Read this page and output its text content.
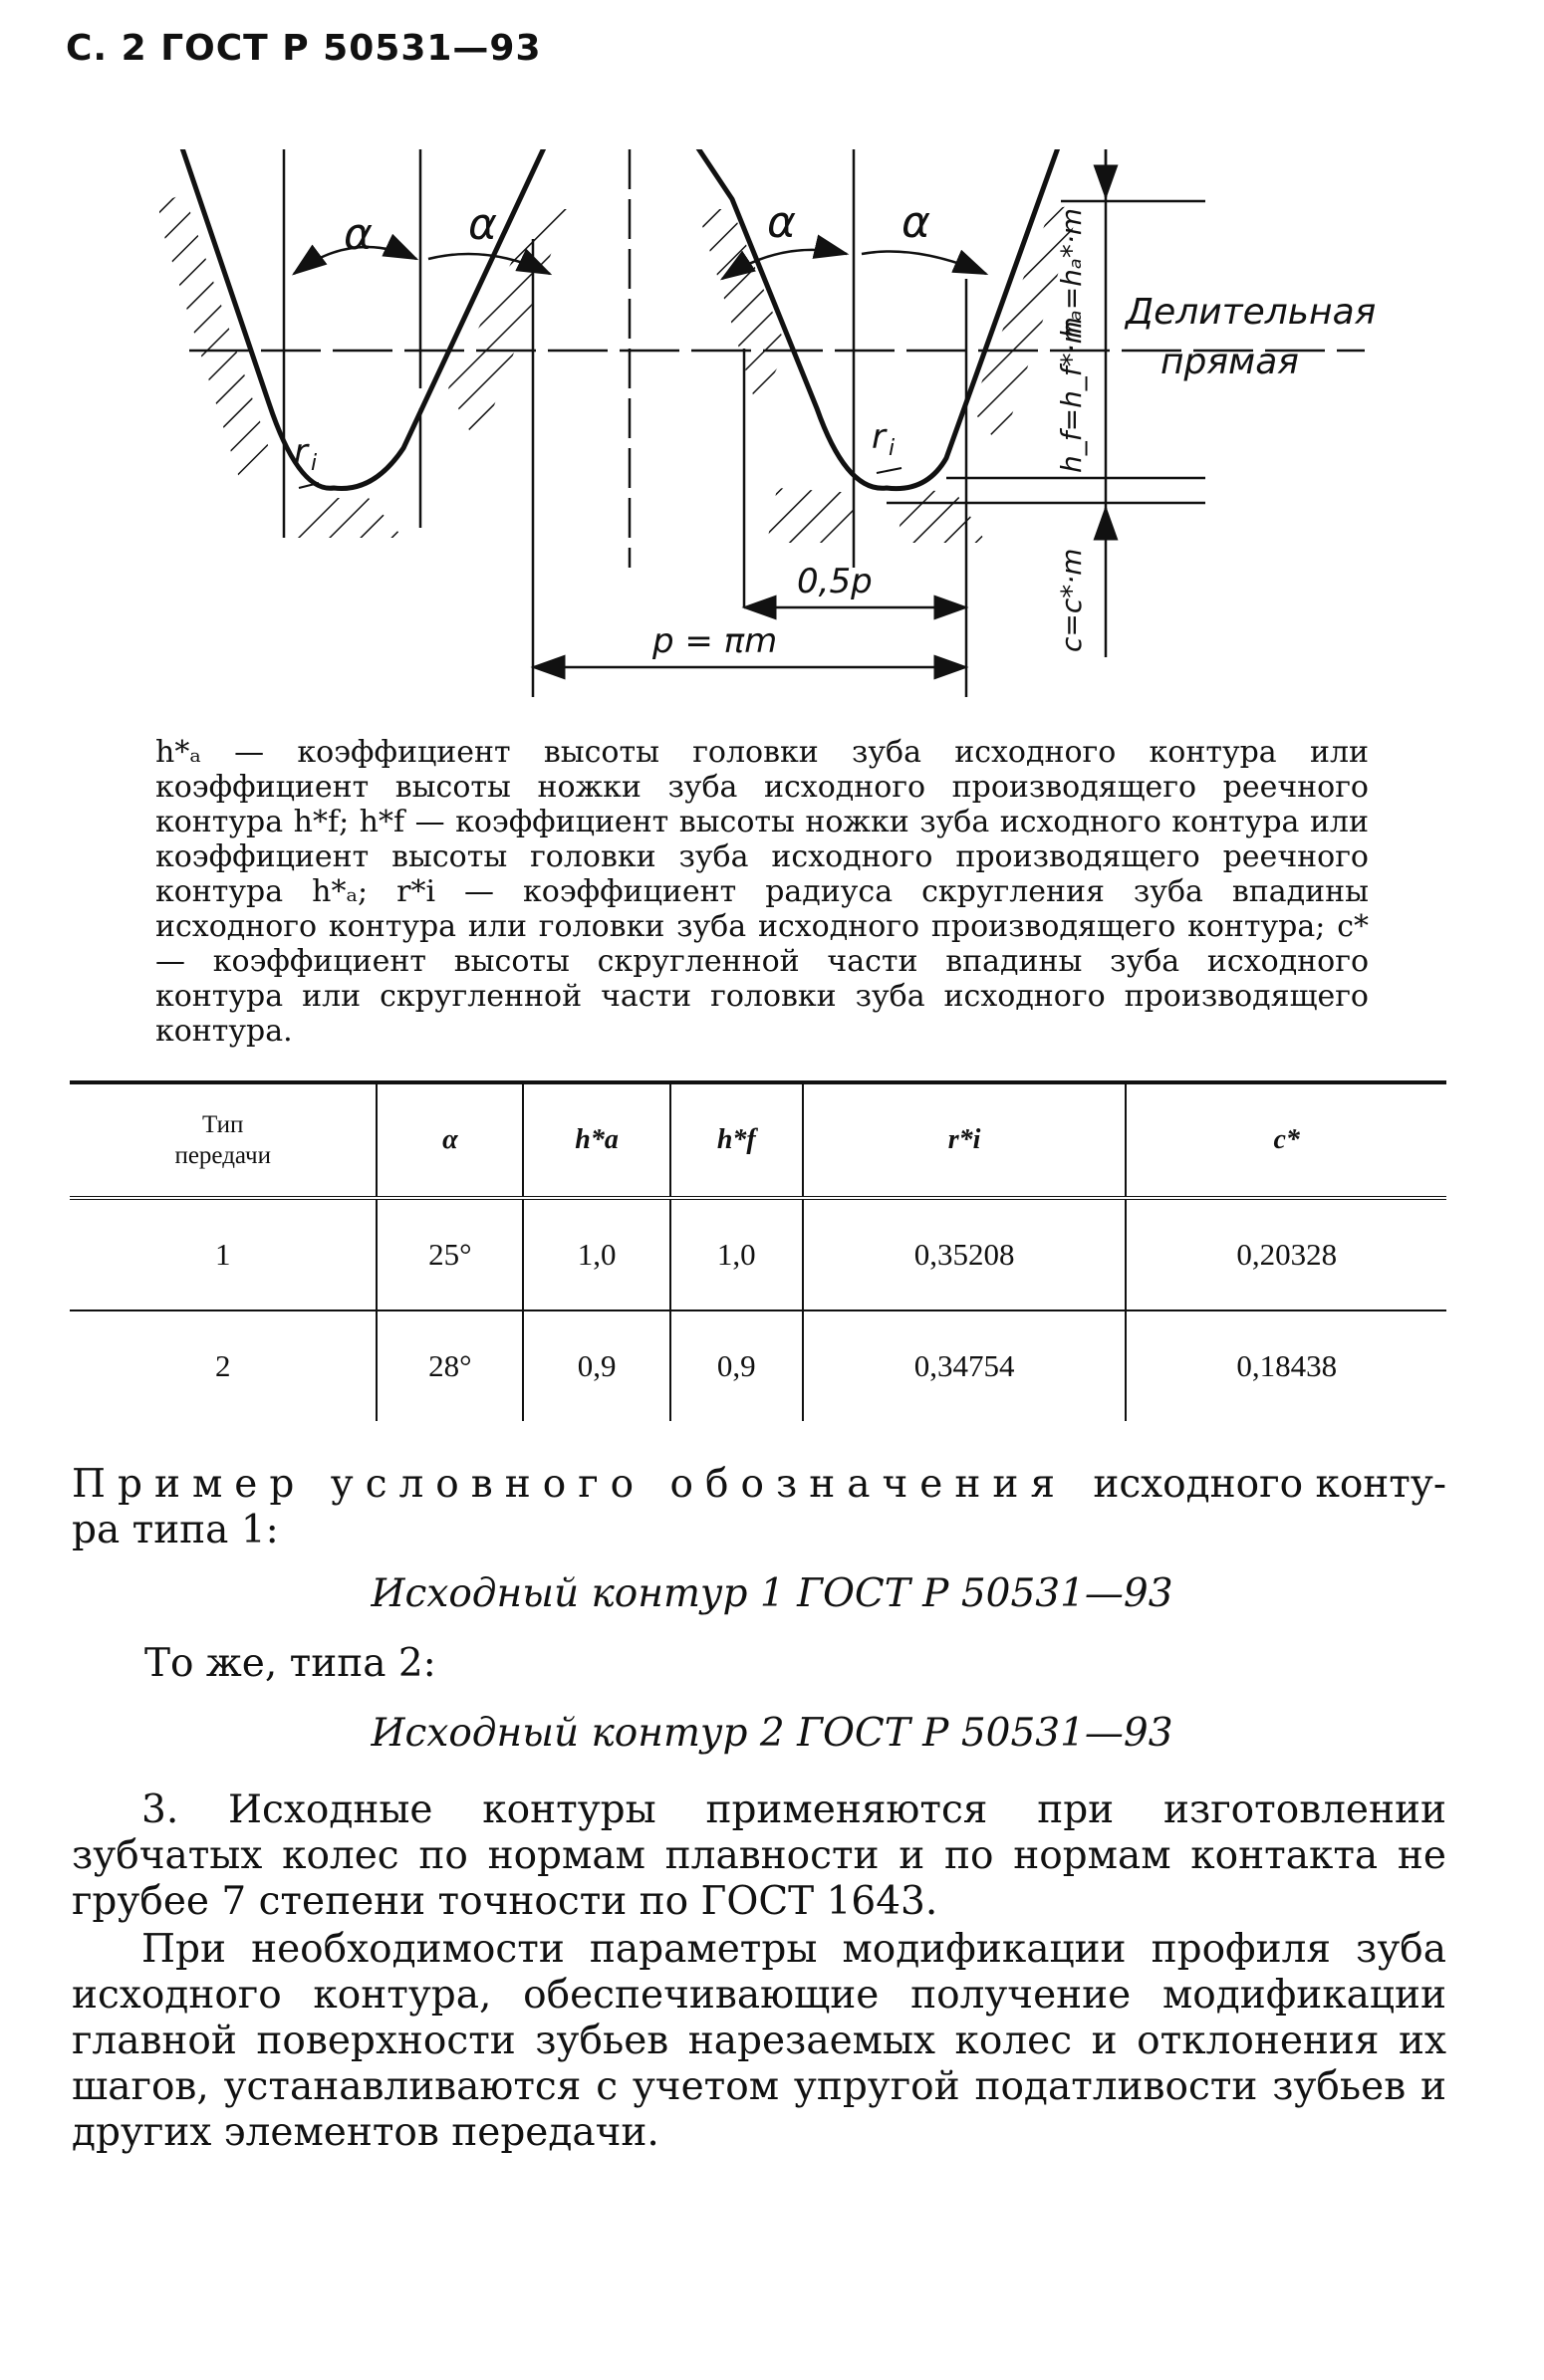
С. 2 ГОСТ Р 50531—93
α α	α α
r i
r i
0,5p
p = πm
Делительная
прямая
hₐ=hₐ*·m
h_f=h_f*·m
c=c*·m
h*ₐ — коэффициент высоты головки зуба исходного контура или коэффициент высоты ножки зуба исходного производящего реечного контура h*f; h*f — коэффициент высоты ножки зуба исходного контура или коэффициент высоты головки зуба исходного производящего реечного контура h*ₐ; r*i — коэффициент радиуса скругления зуба впадины исходного контура или головки зуба исходного производящего контура; c* — коэффициент высоты скругленной части впадины зуба исходного контура или скругленной части головки зуба исходного производящего контура.
Тип
передачи	α	h*a	h*f	r*i	c*
1	25°	1,0	1,0	0,35208	0,20328
2	28°	0,9	0,9	0,34754	0,18438
Пример условного обозначения исходного конту-
ра типа 1:
Исходный контур 1 ГОСТ Р 50531—93
То же, типа 2:
Исходный контур 2 ГОСТ Р 50531—93
3. Исходные контуры применяются при изготовлении зубчатых колес по нормам плавности и по нормам контакта не грубее 7 степени точности по ГОСТ 1643.
При необходимости параметры модификации профиля зуба исходного контура, обеспечивающие получение модификации главной поверхности зубьев нарезаемых колес и отклонения их шагов, устанавливаются с учетом упругой податливости зубьев и других элементов передачи.
